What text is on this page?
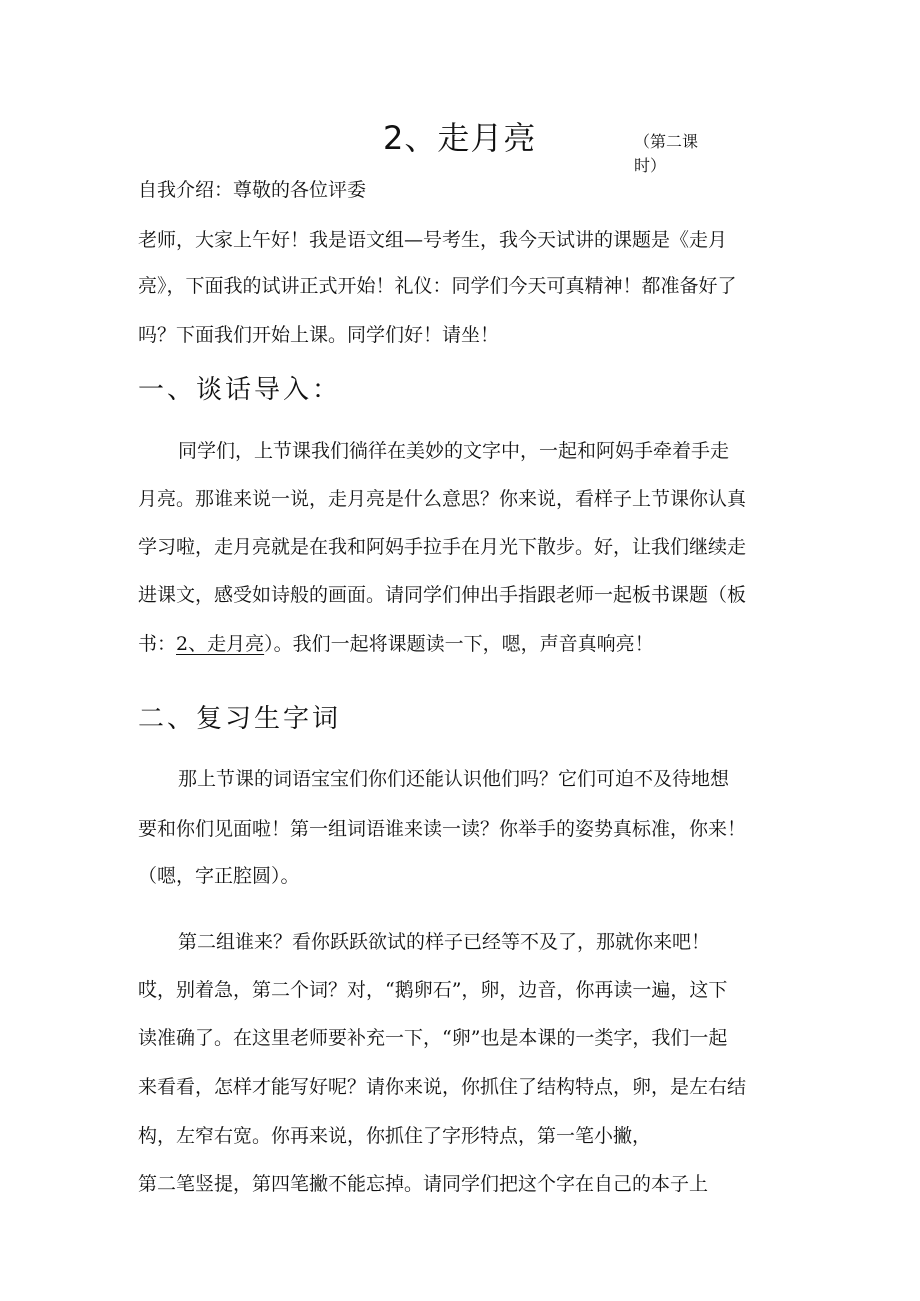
2、走月亮	（第二课
时）
自我介绍：尊敬的各位评委
老师，大家上午好！我是语文组—号考生，我今天试讲的课题是《走月
亮》，下面我的试讲正式开始！礼仪：同学们今天可真精神！都准备好了
吗？下面我们开始上课。同学们好！请坐！
一、谈话导入：
同学们，上节课我们徜徉在美妙的文字中，一起和阿妈手牵着手走
月亮。那谁来说一说，走月亮是什么意思？你来说，看样子上节课你认真
学习啦，走月亮就是在我和阿妈手拉手在月光下散步。好，让我们继续走
进课文，感受如诗般的画面。请同学们伸出手指跟老师一起板书课题（板
书：2、走月亮）。我们一起将课题读一下，嗯，声音真响亮！
二、复习生字词
那上节课的词语宝宝们你们还能认识他们吗？它们可迫不及待地想
要和你们见面啦！第一组词语谁来读一读？你举手的姿势真标准，你来！
（嗯，字正腔圆）。
第二组谁来？看你跃跃欲试的样子已经等不及了，那就你来吧！
哎，别着急，第二个词？对，“鹅卵石”，卵，边音，你再读一遍，这下
读准确了。在这里老师要补充一下，“卵”也是本课的一类字，我们一起
来看看，怎样才能写好呢？请你来说，你抓住了结构特点，卵，是左右结
构，左窄右宽。你再来说，你抓住了字形特点，第一笔小撇，
第二笔竖提，第四笔撇不能忘掉。请同学们把这个字在自己的本子上
